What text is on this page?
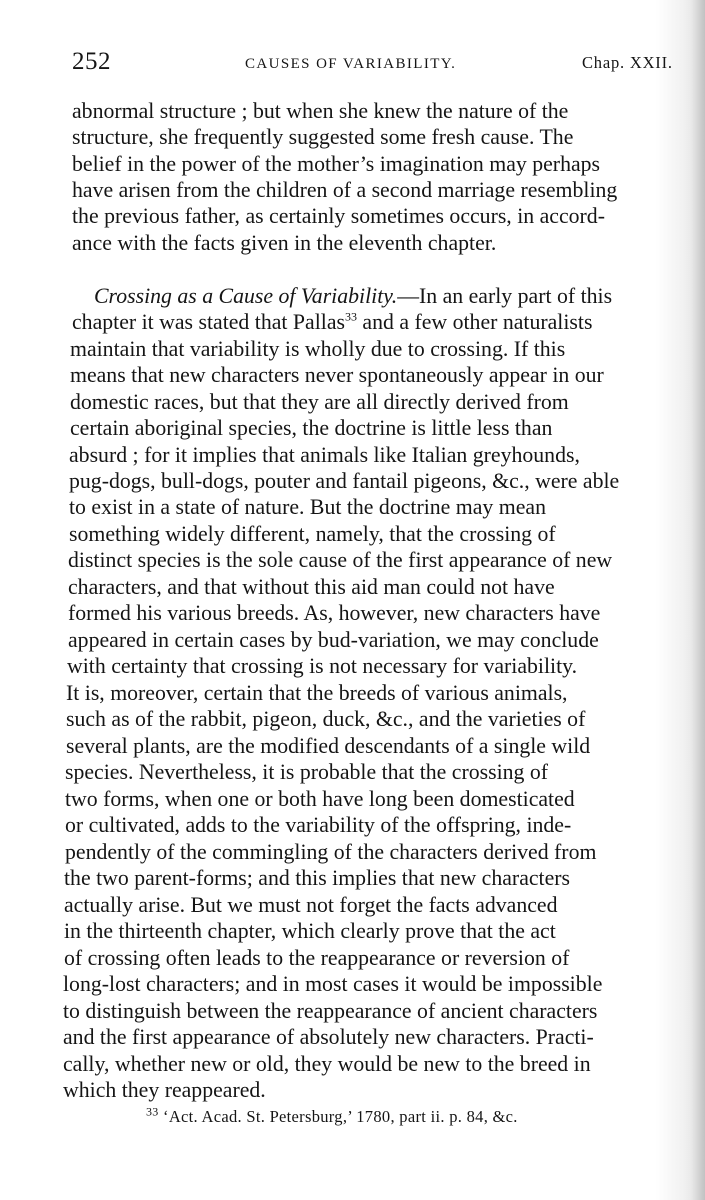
252	CAUSES OF VARIABILITY.	Chap. XXII.
abnormal structure ; but when she knew the nature of the
structure, she frequently suggested some fresh cause. The
belief in the power of the mother’s imagination may perhaps
have arisen from the children of a second marriage resembling
the previous father, as certainly sometimes occurs, in accord-
ance with the facts given in the eleventh chapter.
Crossing as a Cause of Variability.—In an early part of this
chapter it was stated that Pallas$^{33}$ and a few other naturalists
maintain that variability is wholly due to crossing. If this
means that new characters never spontaneously appear in our
domestic races, but that they are all directly derived from
certain aboriginal species, the doctrine is little less than
absurd ; for it implies that animals like Italian greyhounds,
pug-dogs, bull-dogs, pouter and fantail pigeons, &c., were able
to exist in a state of nature. But the doctrine may mean
something widely different, namely, that the crossing of
distinct species is the sole cause of the first appearance of new
characters, and that without this aid man could not have
formed his various breeds. As, however, new characters have
appeared in certain cases by bud-variation, we may conclude
with certainty that crossing is not necessary for variability.
It is, moreover, certain that the breeds of various animals,
such as of the rabbit, pigeon, duck, &c., and the varieties of
several plants, are the modified descendants of a single wild
species. Nevertheless, it is probable that the crossing of
two forms, when one or both have long been domesticated
or cultivated, adds to the variability of the offspring, inde-
pendently of the commingling of the characters derived from
the two parent-forms; and this implies that new characters
actually arise. But we must not forget the facts advanced
in the thirteenth chapter, which clearly prove that the act
of crossing often leads to the reappearance or reversion of
long-lost characters; and in most cases it would be impossible
to distinguish between the reappearance of ancient characters
and the first appearance of absolutely new characters. Practi-
cally, whether new or old, they would be new to the breed in
which they reappeared.
$^{33}$ ‘Act. Acad. St. Petersburg,’ 1780, part ii. p. 84, &c.
